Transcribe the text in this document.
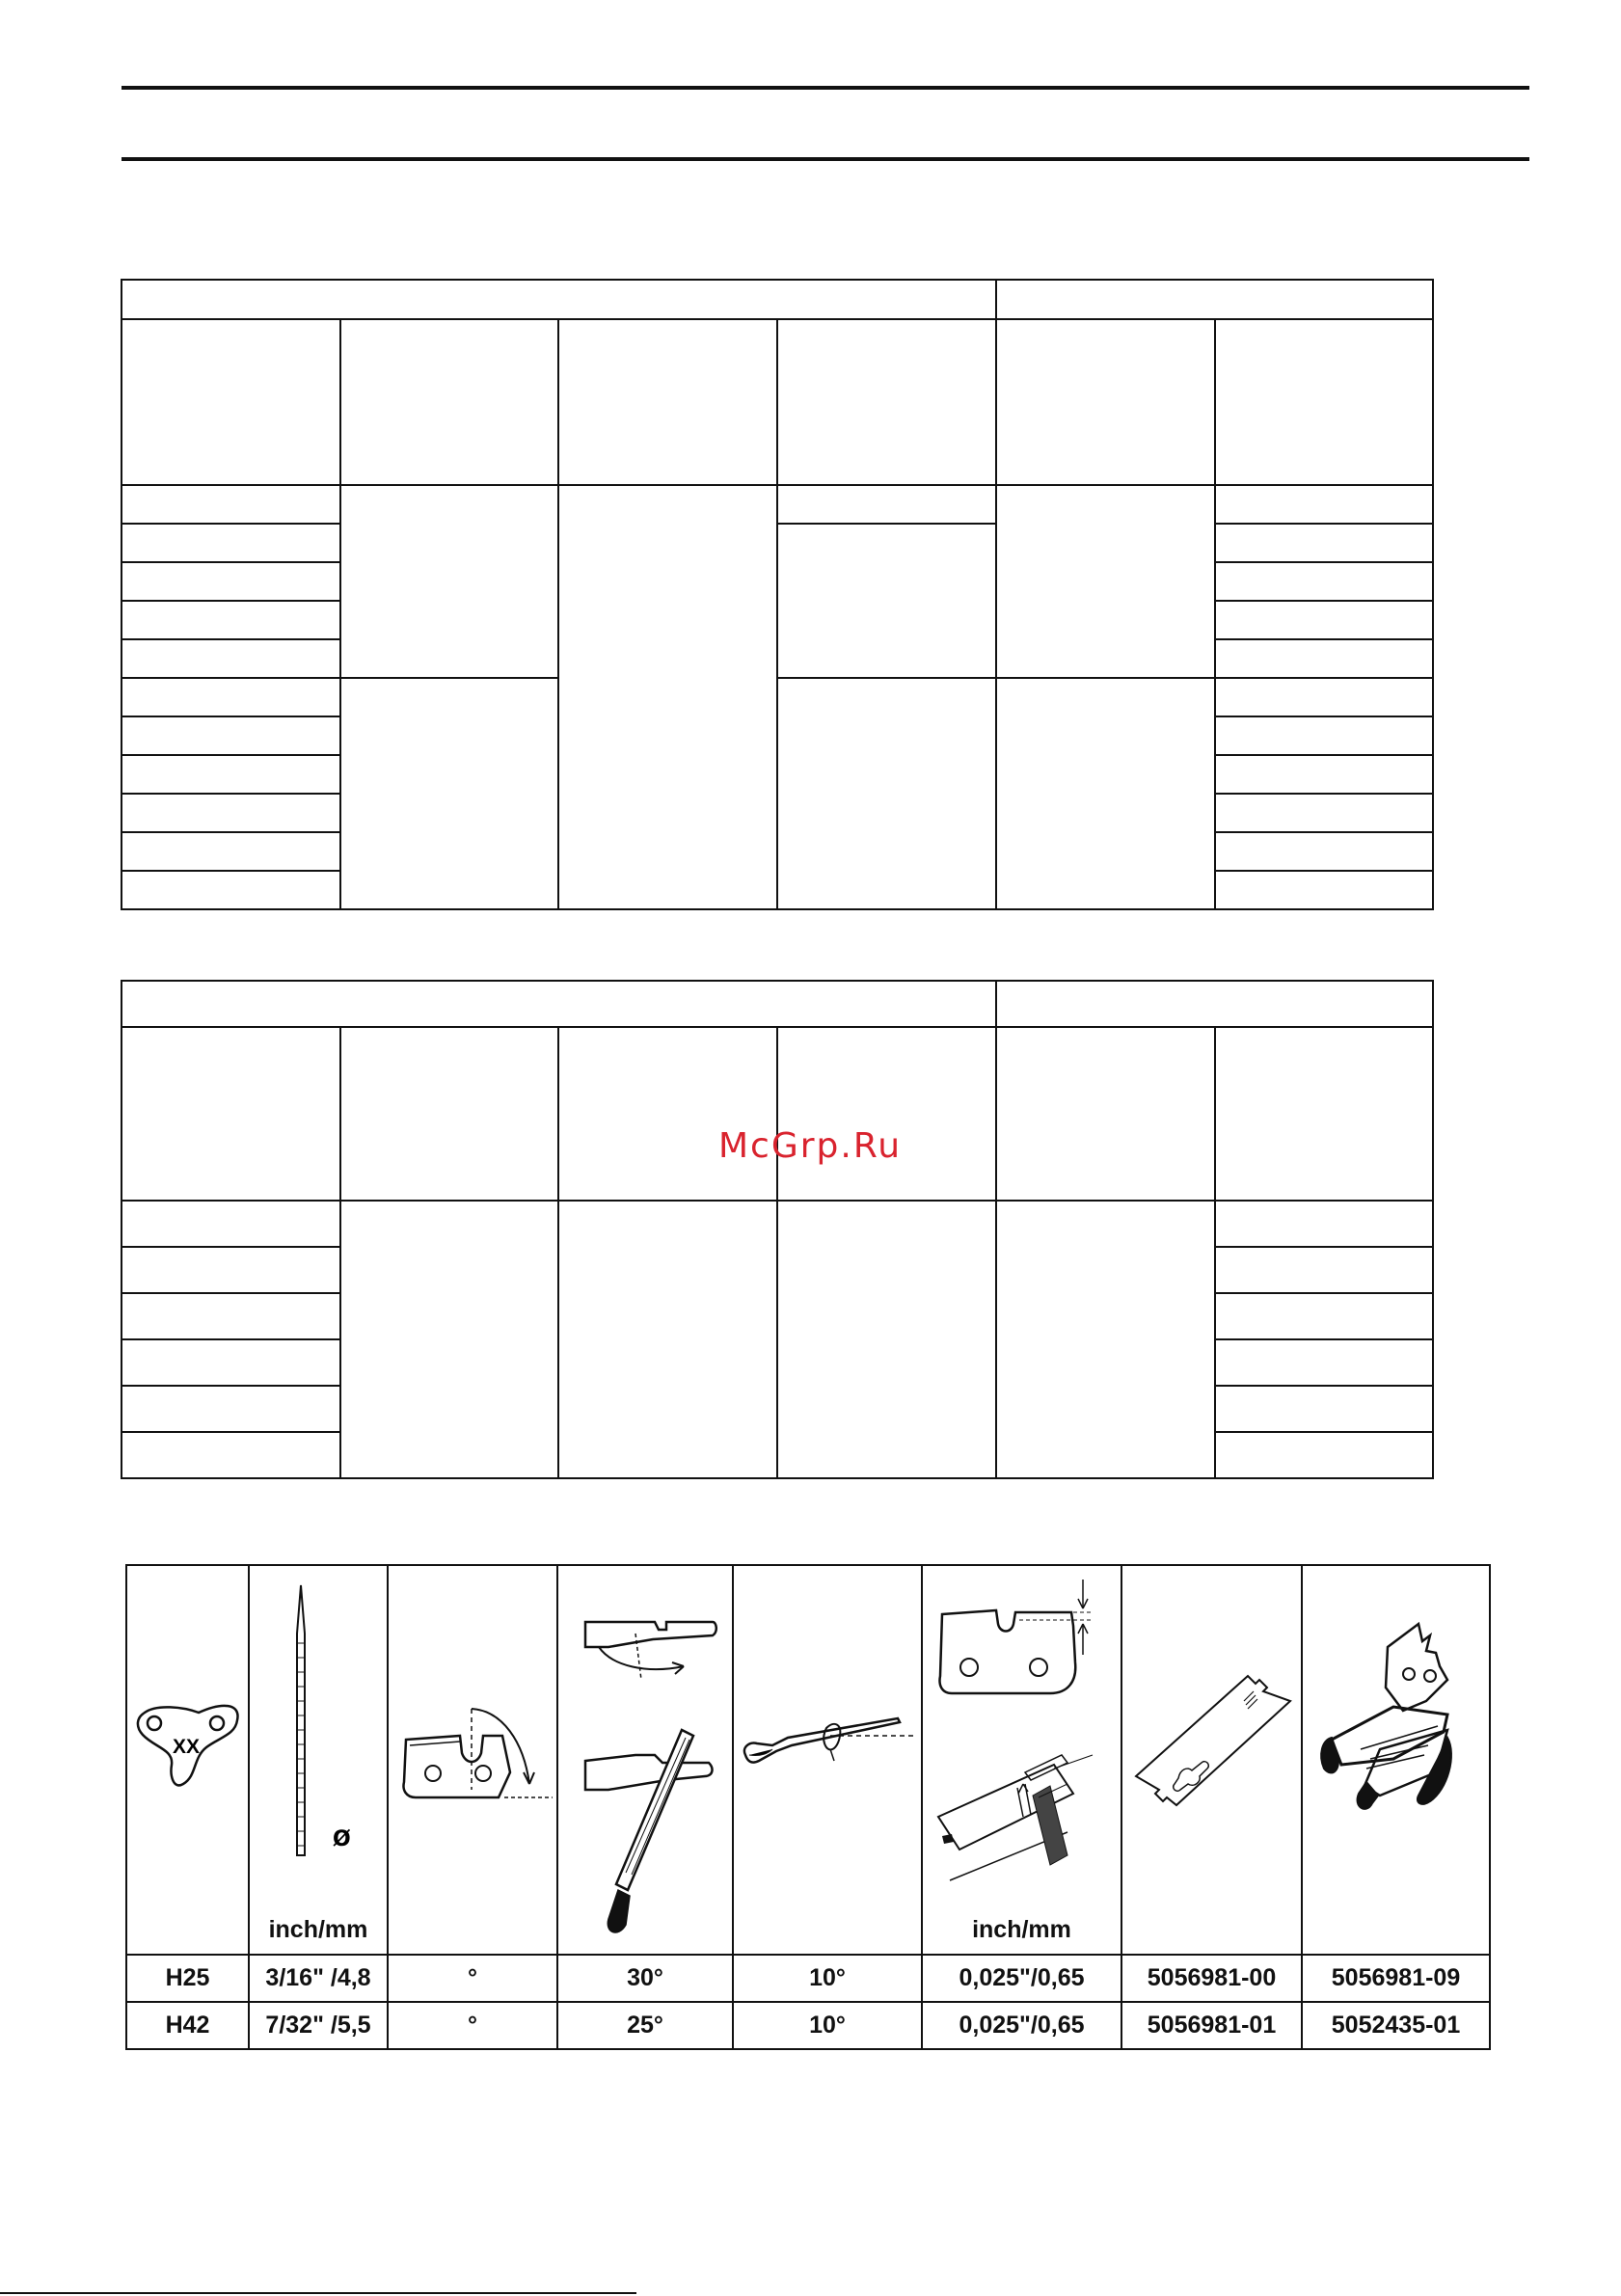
McGrp.Ru
XX	Ø
inch/mm				inch/mm

H25	3/16" /4,8	°	30°	10°	0,025"/0,65	5056981-00	5056981-09
H42	7/32" /5,5	°	25°	10°	0,025"/0,65	5056981-01	5052435-01
